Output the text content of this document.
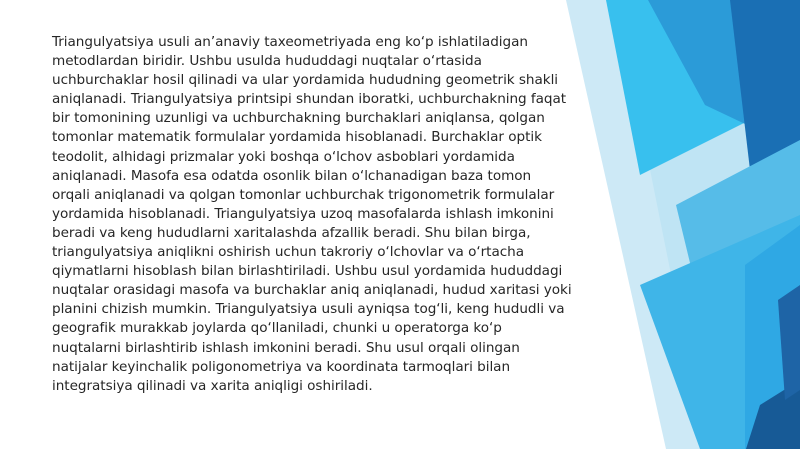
Triangulyatsiya usuli an’anaviy taxeometriyada eng ko‘p ishlatiladigan
metodlardan biridir. Ushbu usulda hududdagi nuqtalar o‘rtasida
uchburchaklar hosil qilinadi va ular yordamida hududning geometrik shakli
aniqlanadi. Triangulyatsiya printsipi shundan iboratki, uchburchakning faqat
bir tomonining uzunligi va uchburchakning burchaklari aniqlansa, qolgan
tomonlar matematik formulalar yordamida hisoblanadi. Burchaklar optik
teodolit, alhidagi prizmalar yoki boshqa o‘lchov asboblari yordamida
aniqlanadi. Masofa esa odatda osonlik bilan o‘lchanadigan baza tomon
orqali aniqlanadi va qolgan tomonlar uchburchak trigonometrik formulalar
yordamida hisoblanadi. Triangulyatsiya uzoq masofalarda ishlash imkonini
beradi va keng hududlarni xaritalashda afzallik beradi. Shu bilan birga,
triangulyatsiya aniqlikni oshirish uchun takroriy o‘lchovlar va o‘rtacha
qiymatlarni hisoblash bilan birlashtiriladi. Ushbu usul yordamida hududdagi
nuqtalar orasidagi masofa va burchaklar aniq aniqlanadi, hudud xaritasi yoki
planini chizish mumkin. Triangulyatsiya usuli ayniqsa tog‘li, keng hududli va
geografik murakkab joylarda qo‘llaniladi, chunki u operatorga ko‘p
nuqtalarni birlashtirib ishlash imkonini beradi. Shu usul orqali olingan
natijalar keyinchalik poligonometriya va koordinata tarmoqlari bilan
integratsiya qilinadi va xarita aniqligi oshiriladi.
